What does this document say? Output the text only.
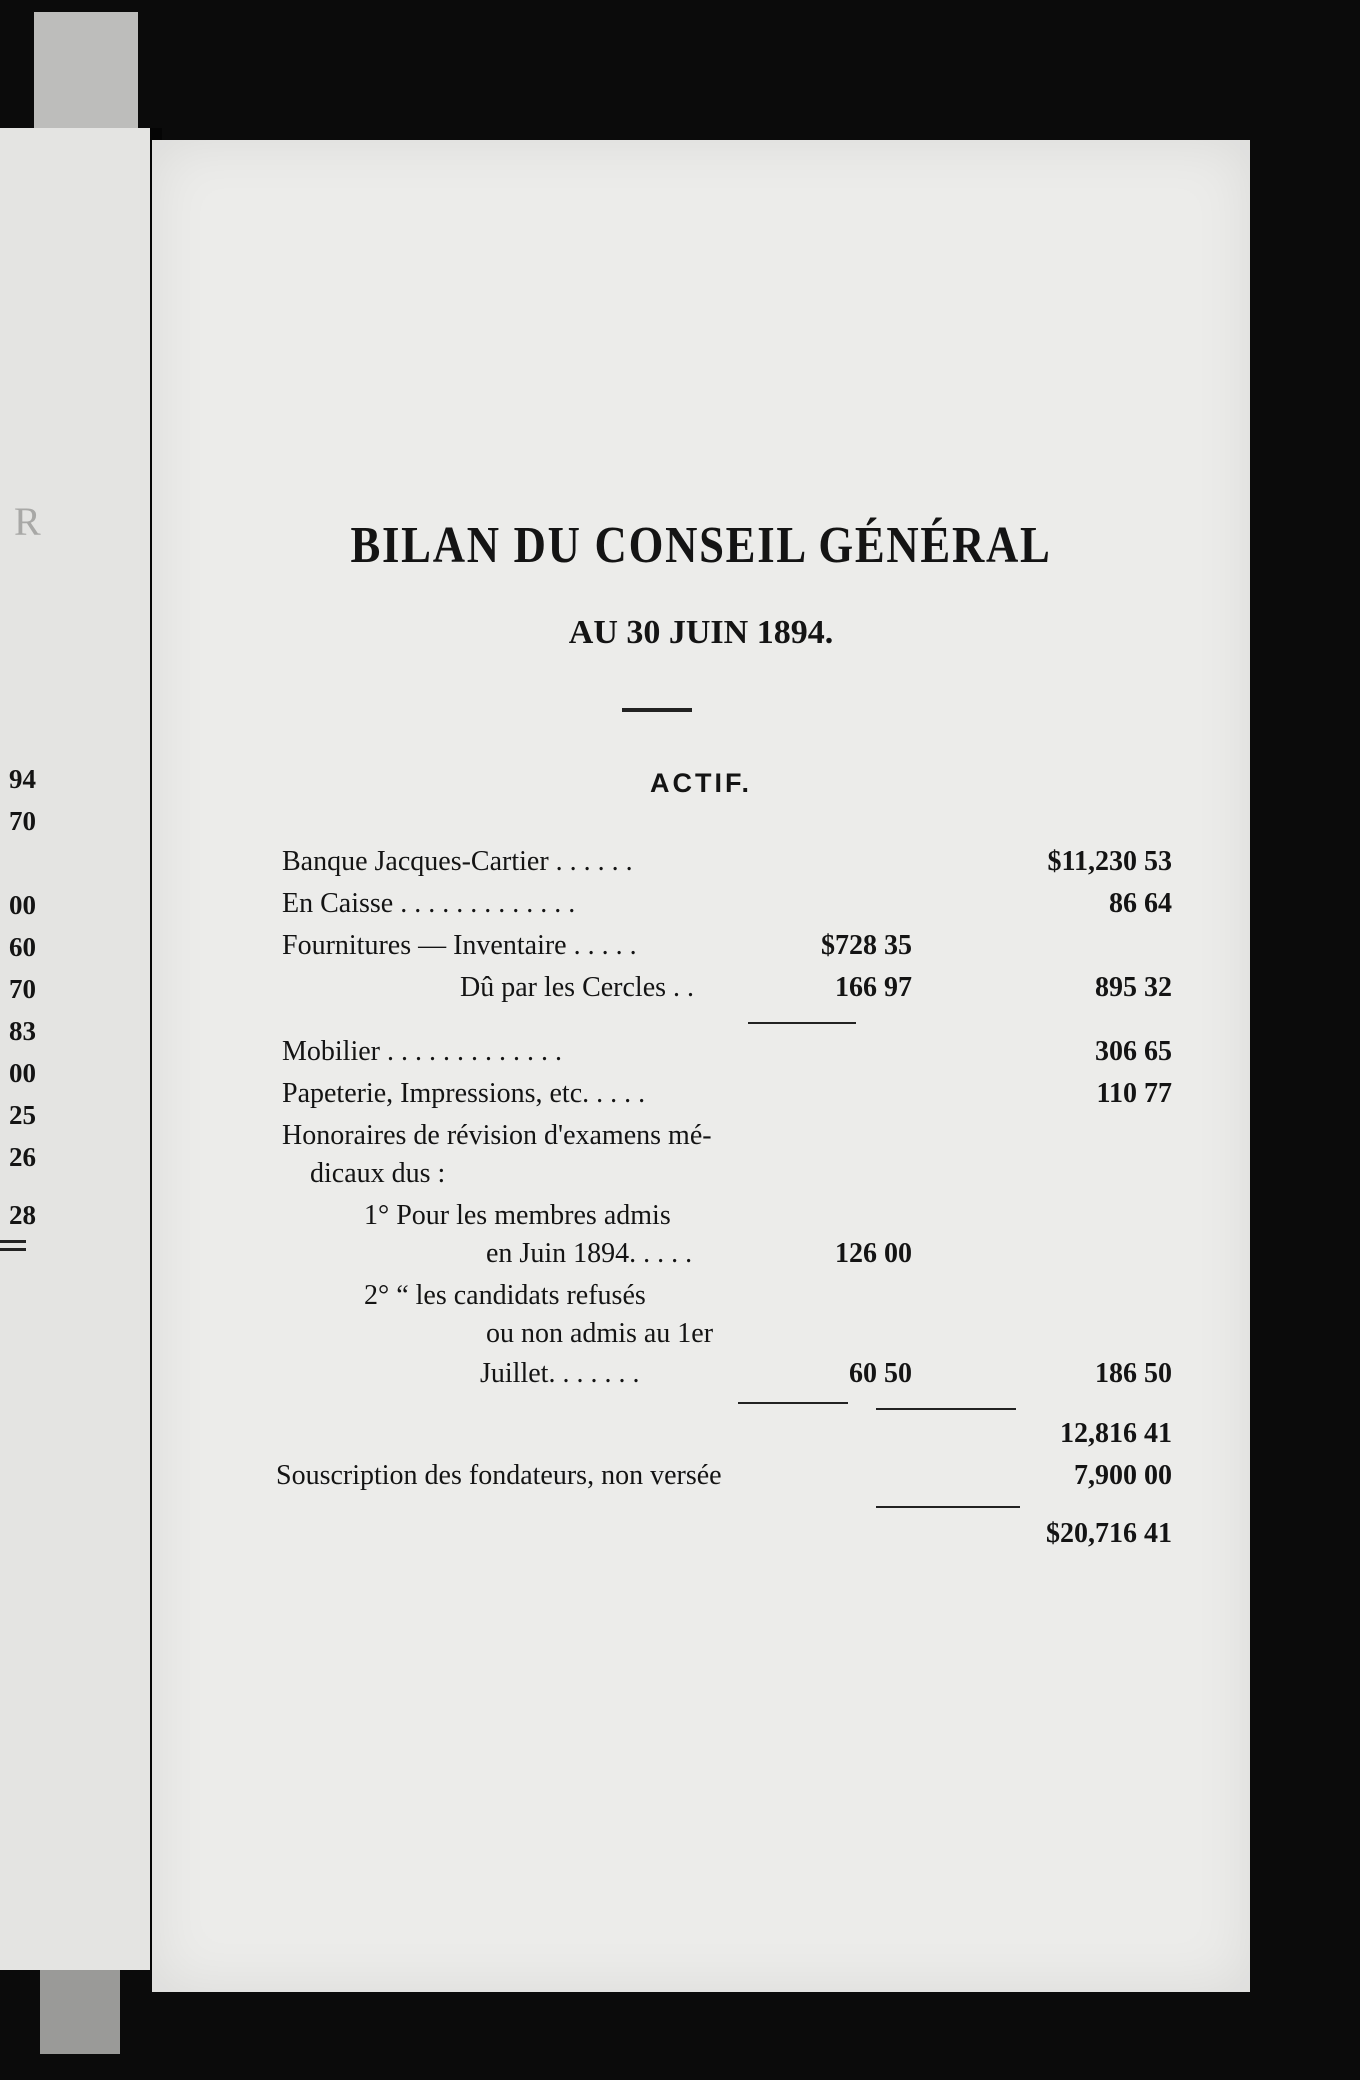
R
94
70
00
60
70
83
00
25
26
28
BILAN DU CONSEIL GÉNÉRAL
AU 30 JUIN 1894.
ACTIF.
Banque Jacques-Cartier . . . . . .	$11,230 53
En Caisse . . . . . . . . . . . . .	86 64
Fournitures — Inventaire . . . . .	$728 35
Dû par les Cercles . .	166 97	895 32
Mobilier . . . . . . . . . . . . .	306 65
Papeterie, Impressions, etc. . . . .	110 77
Honoraires de révision d'examens mé-
dicaux dus :
1° Pour les membres admis
en Juin 1894. . . . .	126 00
2° “ les candidats refusés
ou non admis au 1er
Juillet. . . . . . .	60 50	186 50
12,816 41
Souscription des fondateurs, non versée	7,900 00
$20,716 41
